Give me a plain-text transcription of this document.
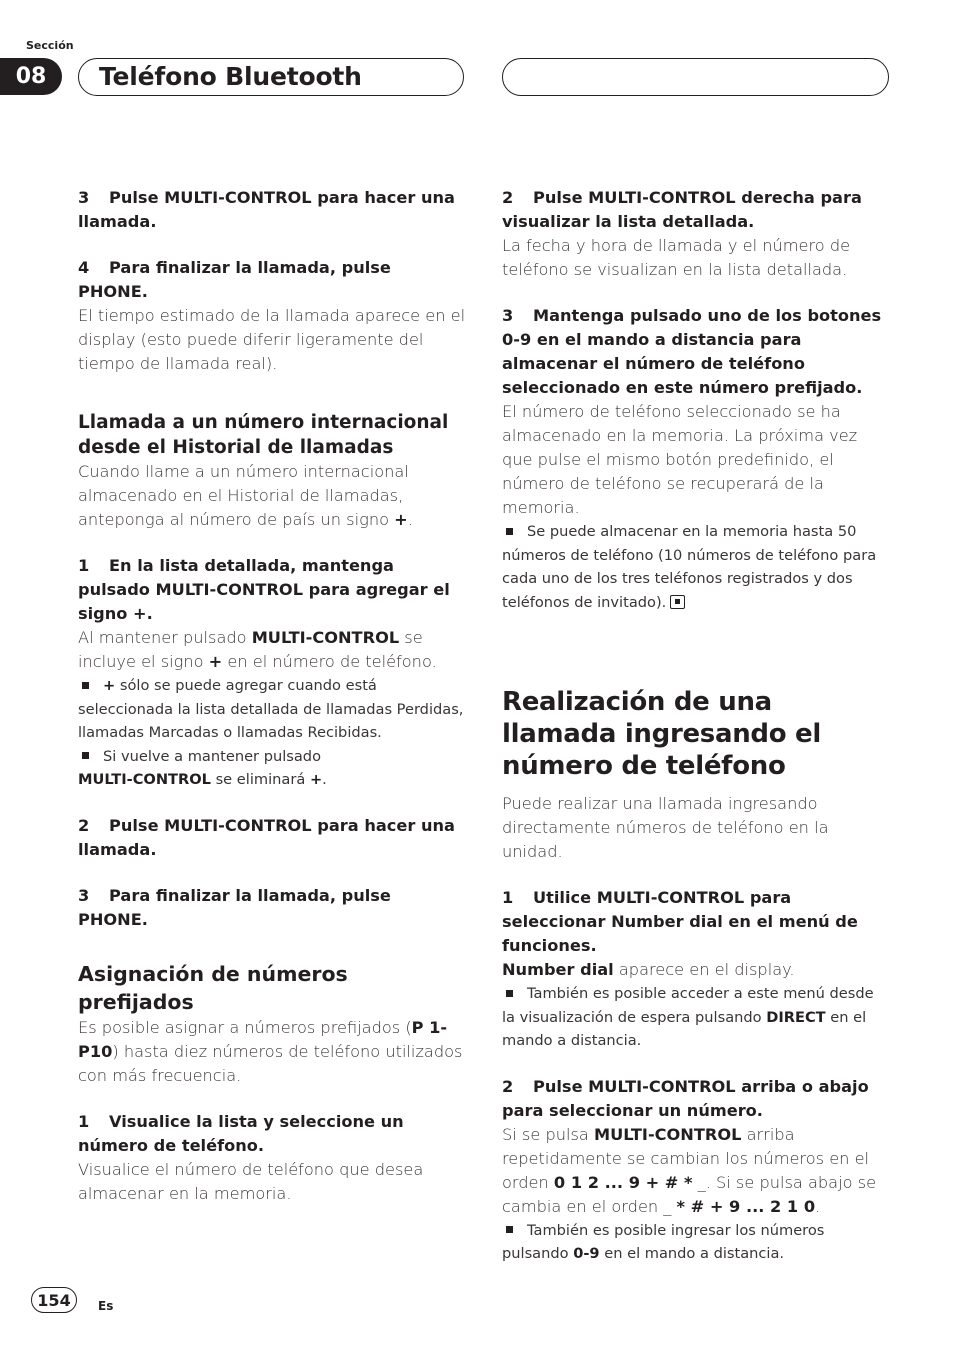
Sección
08	Teléfono Bluetooth
3 Pulse MULTI-CONTROL para hacer una llamada.
4 Para finalizar la llamada, pulse PHONE.
El tiempo estimado de la llamada aparece en el display (esto puede diferir ligeramente del tiempo de llamada real).
Llamada a un número internacional desde el Historial de llamadas
Cuando llame a un número internacional almacenado en el Historial de llamadas, anteponga al número de país un signo +.
1 En la lista detallada, mantenga pulsado MULTI-CONTROL para agregar el signo +.
Al mantener pulsado MULTI-CONTROL se incluye el signo + en el número de teléfono.
+ sólo se puede agregar cuando está seleccionada la lista detallada de llamadas Perdidas, llamadas Marcadas o llamadas Recibidas.
Si vuelve a mantener pulsado
MULTI-CONTROL se eliminará +.
2 Pulse MULTI-CONTROL para hacer una llamada.
3 Para finalizar la llamada, pulse PHONE.
Asignación de números prefijados
Es posible asignar a números prefijados (P 1-P10) hasta diez números de teléfono utilizados con más frecuencia.
1 Visualice la lista y seleccione un número de teléfono.
Visualice el número de teléfono que desea almacenar en la memoria.
2 Pulse MULTI-CONTROL derecha para visualizar la lista detallada.
La fecha y hora de llamada y el número de teléfono se visualizan en la lista detallada.
3 Mantenga pulsado uno de los botones 0-9 en el mando a distancia para almacenar el número de teléfono seleccionado en este número prefijado.
El número de teléfono seleccionado se ha almacenado en la memoria. La próxima vez que pulse el mismo botón predefinido, el número de teléfono se recuperará de la memoria.
Se puede almacenar en la memoria hasta 50 números de teléfono (10 números de teléfono para cada uno de los tres teléfonos registrados y dos teléfonos de invitado).
Realización de una llamada ingresando el número de teléfono
Puede realizar una llamada ingresando directamente números de teléfono en la unidad.
1 Utilice MULTI-CONTROL para seleccionar Number dial en el menú de funciones.
Number dial aparece en el display.
También es posible acceder a este menú desde la visualización de espera pulsando DIRECT en el mando a distancia.
2 Pulse MULTI-CONTROL arriba o abajo para seleccionar un número.
Si se pulsa MULTI-CONTROL arriba repetidamente se cambian los números en el orden 0 1 2 ... 9 + # * _. Si se pulsa abajo se cambia en el orden _ * # + 9 ... 2 1 0.
También es posible ingresar los números pulsando 0-9 en el mando a distancia.
154	Es
